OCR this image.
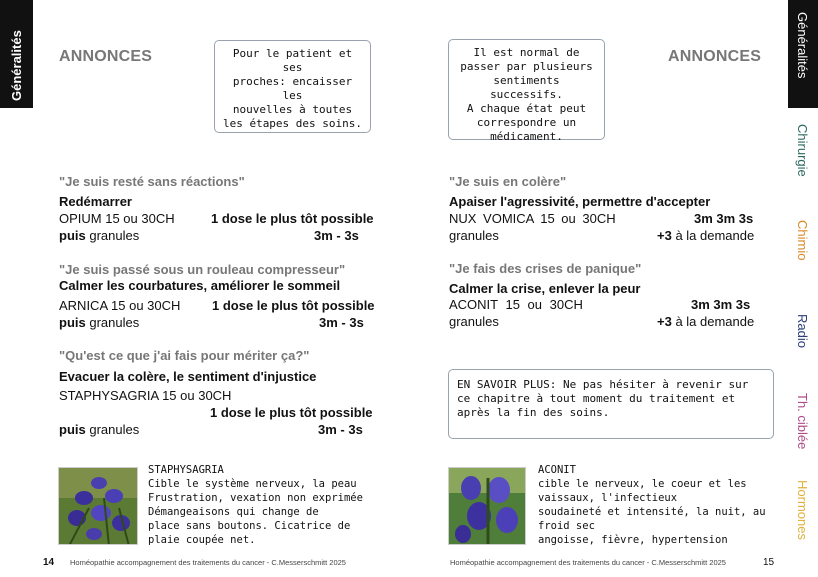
Généralités	Généralités
Chirurgie
Chimio
Radio
Th. ciblée
Hormones
ANNONCES	Pour le patient et ses
proches: encaisser les
nouvelles à toutes
les étapes des soins.
"Je suis resté sans réactions"
Redémarrer
OPIUM 15 ou 30CH	1 dose le plus tôt possible
puis granules	3m - 3s
"Je suis passé sous un rouleau compresseur"
Calmer les courbatures, améliorer le sommeil
ARNICA 15 ou 30CH 1 dose le plus tôt possible
puis granules	3m - 3s
"Qu'est ce que j'ai fais pour mériter ça?"
Evacuer la colère, le sentiment d'injustice
STAPHYSAGRIA 15 ou 30CH
1 dose le plus tôt possible
puis granules	3m - 3s
STAPHYSAGRIA
Cible le système nerveux, la peau
Frustration, vexation non exprimée
Démangeaisons qui change de
place sans boutons. Cicatrice de
plaie coupée net.
14 Homéopathie accompagnement des traitements du cancer - C.Messerschmitt 2025
Il est normal de
passer par plusieurs
sentiments successifs.
A chaque état peut
correspondre un
médicament.
ANNONCES
"Je suis en colère"
Apaiser l'agressivité, permettre d'accepter
NUX VOMICA 15 ou 30CH	3m 3m 3s
granules	+3 à la demande
"Je fais des crises de panique"
Calmer la crise, enlever la peur
ACONIT 15 ou 30CH	3m 3m 3s
granules	+3 à la demande
EN SAVOIR PLUS: Ne pas hésiter à revenir sur ce chapitre à tout moment du traitement et après la fin des soins.
ACONIT
cible le nerveux, le coeur et les
vaissaux, l'infectieux
soudaineté et intensité, la nuit, au
froid sec
angoisse, fièvre, hypertension
Homéopathie accompagnement des traitements du cancer - C.Messerschmitt 2025	15
